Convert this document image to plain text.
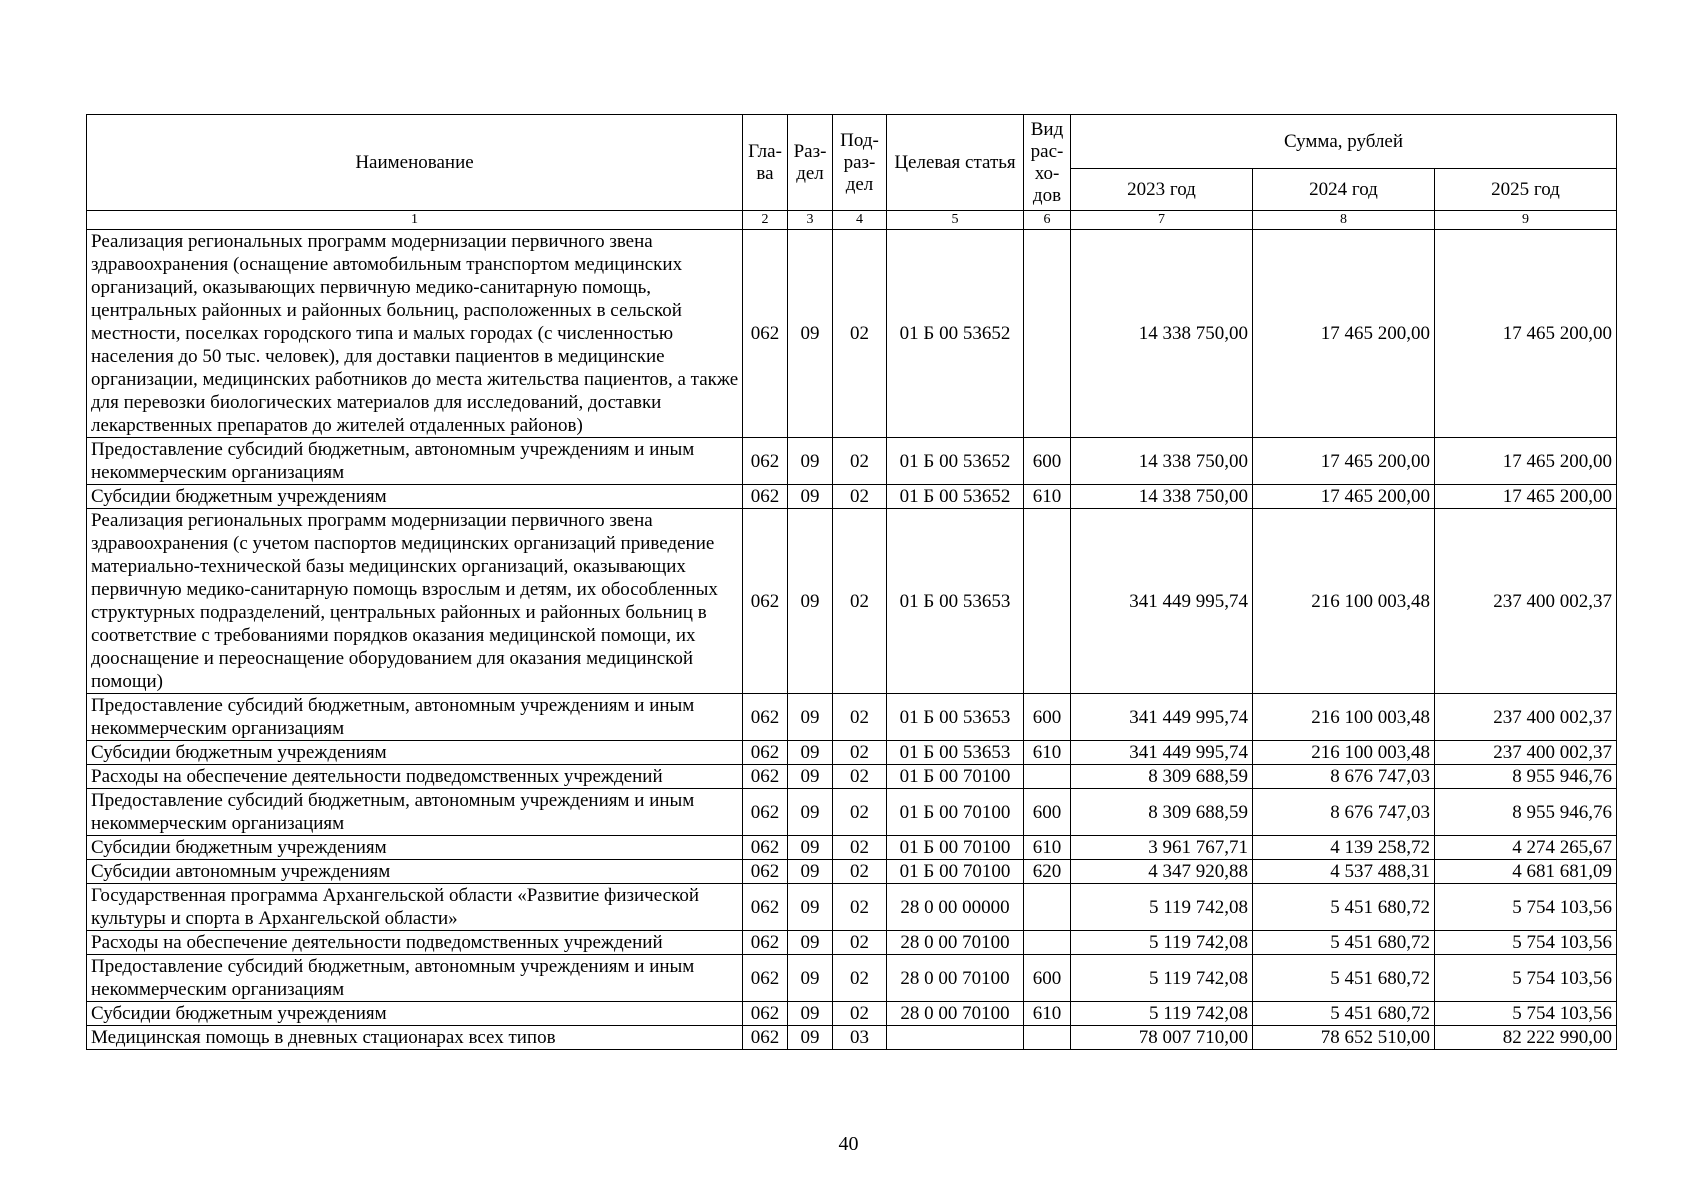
Наименование	Гла-ва	Раз-дел	Под-раз-дел	Целевая статья	Вид рас-хо-дов	Сумма, рублей		
						2023 год	2024 год	2025 год
1	2	3	4	5	6	7	8	9
Реализация региональных программ модернизации первичного звена здравоохранения (оснащение автомобильным транспортом медицинских организаций, оказывающих первичную медико-санитарную помощь, центральных районных и районных больниц, расположенных в сельской местности, поселках городского типа и малых городах (с численностью населения до 50 тыс. человек), для доставки пациентов в медицинские организации, медицинских работников до места жительства пациентов, а также для перевозки биологических материалов для исследований, доставки лекарственных препаратов до жителей отдаленных районов)	062	09	02	01 Б 00 53652		14 338 750,00	17 465 200,00	17 465 200,00
Предоставление субсидий бюджетным, автономным учреждениям и иным некоммерческим организациям	062	09	02	01 Б 00 53652	600	14 338 750,00	17 465 200,00	17 465 200,00
Субсидии бюджетным учреждениям	062	09	02	01 Б 00 53652	610	14 338 750,00	17 465 200,00	17 465 200,00
Реализация региональных программ модернизации первичного звена здравоохранения (с учетом паспортов медицинских организаций приведение материально-технической базы медицинских организаций, оказывающих первичную медико-санитарную помощь взрослым и детям, их обособленных структурных подразделений, центральных районных и районных больниц в соответствие с требованиями порядков оказания медицинской помощи, их дооснащение и переоснащение оборудованием для оказания медицинской помощи)	062	09	02	01 Б 00 53653		341 449 995,74	216 100 003,48	237 400 002,37
Предоставление субсидий бюджетным, автономным учреждениям и иным некоммерческим организациям	062	09	02	01 Б 00 53653	600	341 449 995,74	216 100 003,48	237 400 002,37
Субсидии бюджетным учреждениям	062	09	02	01 Б 00 53653	610	341 449 995,74	216 100 003,48	237 400 002,37
Расходы на обеспечение деятельности подведомственных учреждений	062	09	02	01 Б 00 70100		8 309 688,59	8 676 747,03	8 955 946,76
Предоставление субсидий бюджетным, автономным учреждениям и иным некоммерческим организациям	062	09	02	01 Б 00 70100	600	8 309 688,59	8 676 747,03	8 955 946,76
Субсидии бюджетным учреждениям	062	09	02	01 Б 00 70100	610	3 961 767,71	4 139 258,72	4 274 265,67
Субсидии автономным учреждениям	062	09	02	01 Б 00 70100	620	4 347 920,88	4 537 488,31	4 681 681,09
Государственная программа Архангельской области «Развитие физической культуры и спорта в Архангельской области»	062	09	02	28 0 00 00000		5 119 742,08	5 451 680,72	5 754 103,56
Расходы на обеспечение деятельности подведомственных учреждений	062	09	02	28 0 00 70100		5 119 742,08	5 451 680,72	5 754 103,56
Предоставление субсидий бюджетным, автономным учреждениям и иным некоммерческим организациям	062	09	02	28 0 00 70100	600	5 119 742,08	5 451 680,72	5 754 103,56
Субсидии бюджетным учреждениям	062	09	02	28 0 00 70100	610	5 119 742,08	5 451 680,72	5 754 103,56
Медицинская помощь в дневных стационарах всех типов	062	09	03			78 007 710,00	78 652 510,00	82 222 990,00
40
